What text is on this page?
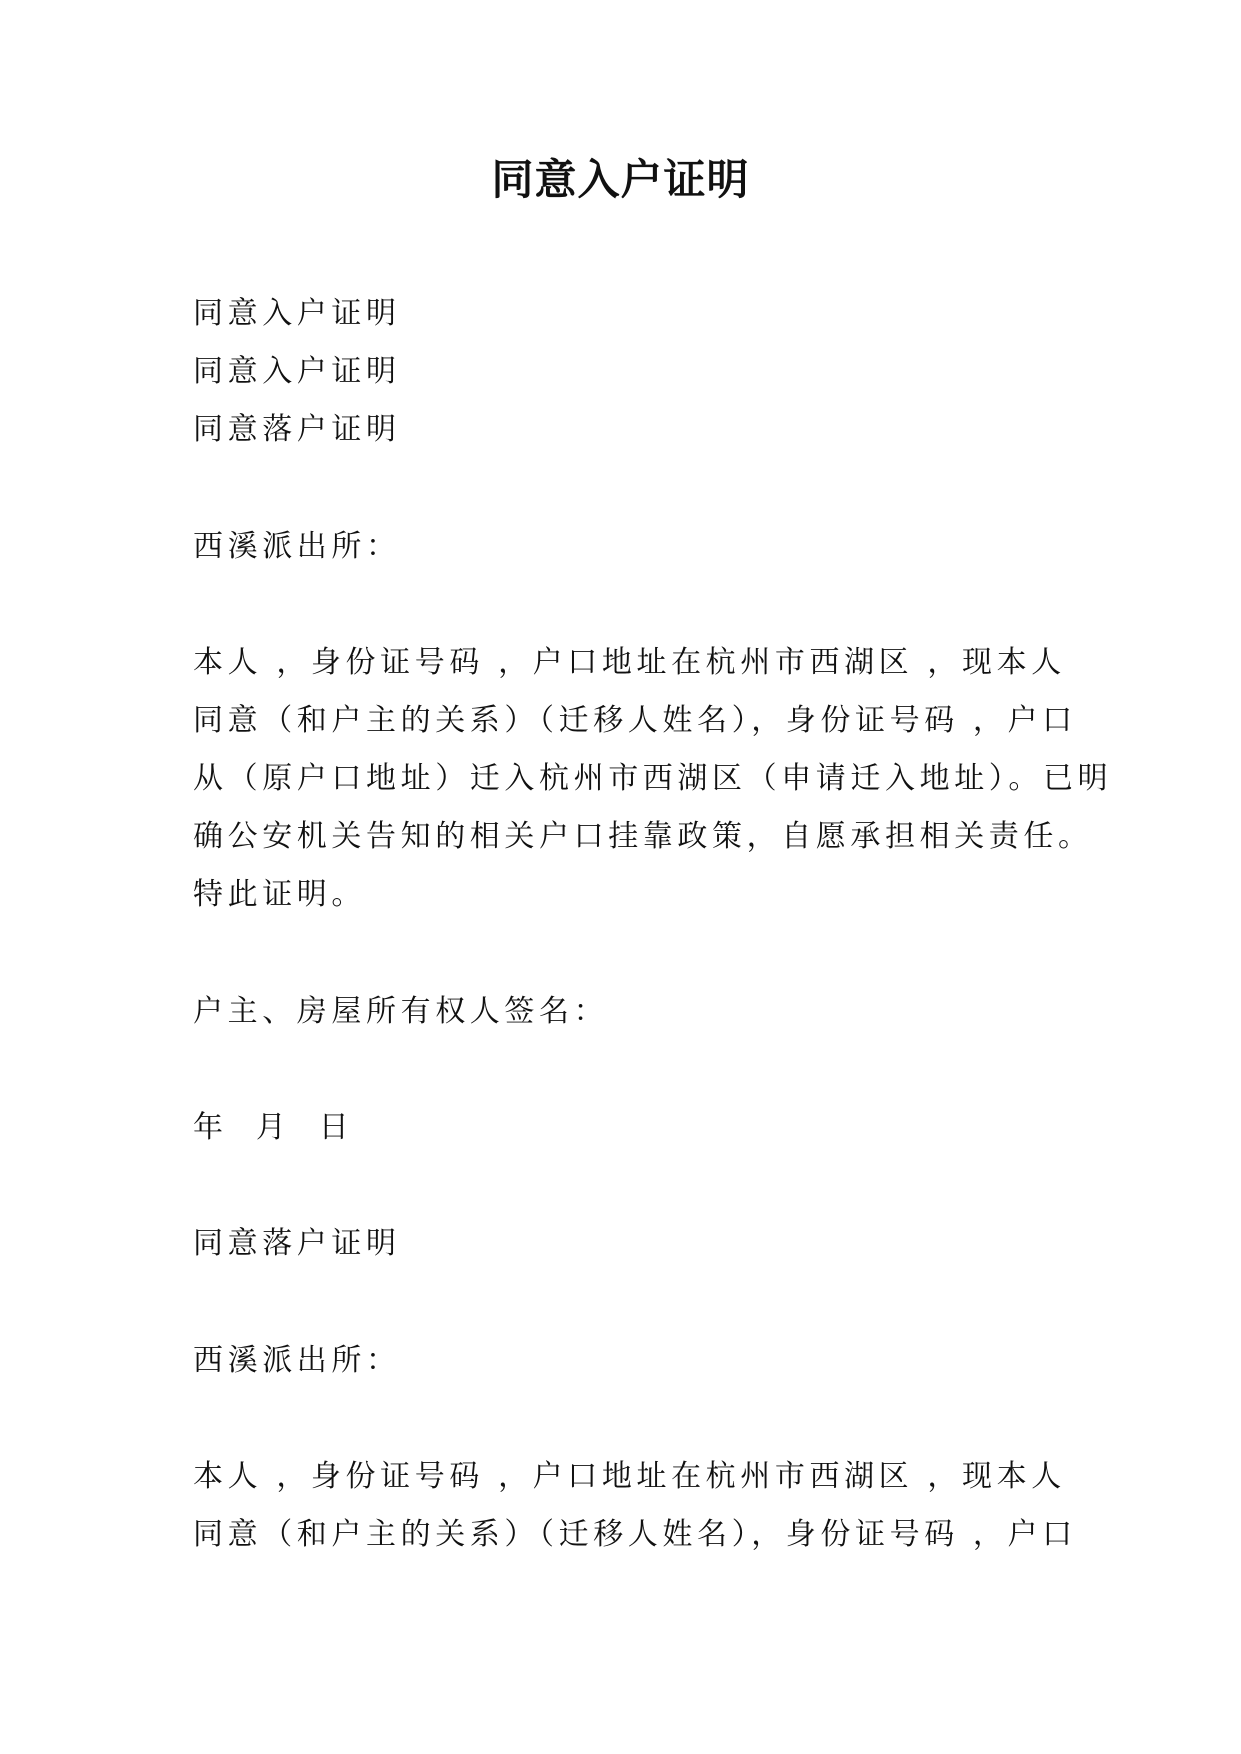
同意入户证明
同意入户证明
同意入户证明
同意落户证明
西溪派出所：
本人 ，身份证号码 ，户口地址在杭州市西湖区 ，现本人
同意（和户主的关系）（迁移人姓名），身份证号码 ，户口
从（原户口地址）迁入杭州市西湖区（申请迁入地址）。已明
确公安机关告知的相关户口挂靠政策，自愿承担相关责任。
特此证明。
户主、房屋所有权人签名：
年  月  日
同意落户证明
西溪派出所：
本人 ，身份证号码 ，户口地址在杭州市西湖区 ，现本人
同意（和户主的关系）（迁移人姓名），身份证号码 ，户口
